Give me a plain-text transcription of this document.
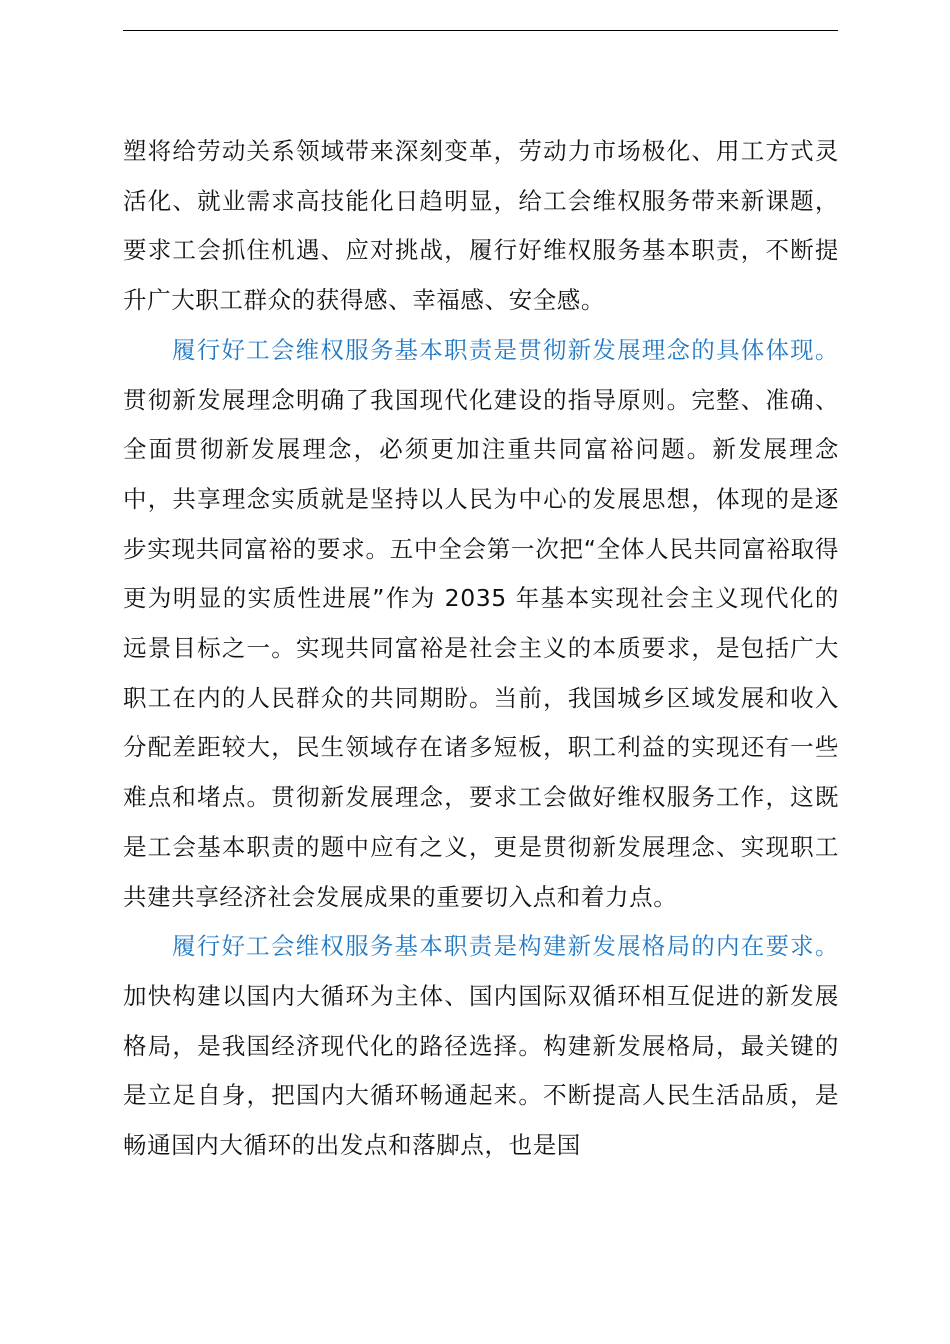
塑将给劳动关系领域带来深刻变革，劳动力市场极化、用工方式灵活化、就业需求高技能化日趋明显，给工会维权服务带来新课题，要求工会抓住机遇、应对挑战，履行好维权服务基本职责，不断提升广大职工群众的获得感、幸福感、安全感。

履行好工会维权服务基本职责是贯彻新发展理念的具体体现。贯彻新发展理念明确了我国现代化建设的指导原则。完整、准确、全面贯彻新发展理念，必须更加注重共同富裕问题。新发展理念中，共享理念实质就是坚持以人民为中心的发展思想，体现的是逐步实现共同富裕的要求。五中全会第一次把“全体人民共同富裕取得更为明显的实质性进展”作为 2035 年基本实现社会主义现代化的远景目标之一。实现共同富裕是社会主义的本质要求，是包括广大职工在内的人民群众的共同期盼。当前，我国城乡区域发展和收入分配差距较大，民生领域存在诸多短板，职工利益的实现还有一些难点和堵点。贯彻新发展理念，要求工会做好维权服务工作，这既是工会基本职责的题中应有之义，更是贯彻新发展理念、实现职工共建共享经济社会发展成果的重要切入点和着力点。

履行好工会维权服务基本职责是构建新发展格局的内在要求。加快构建以国内大循环为主体、国内国际双循环相互促进的新发展格局，是我国经济现代化的路径选择。构建新发展格局，最关键的是立足自身，把国内大循环畅通起来。不断提高人民生活品质，是畅通国内大循环的出发点和落脚点，也是国
